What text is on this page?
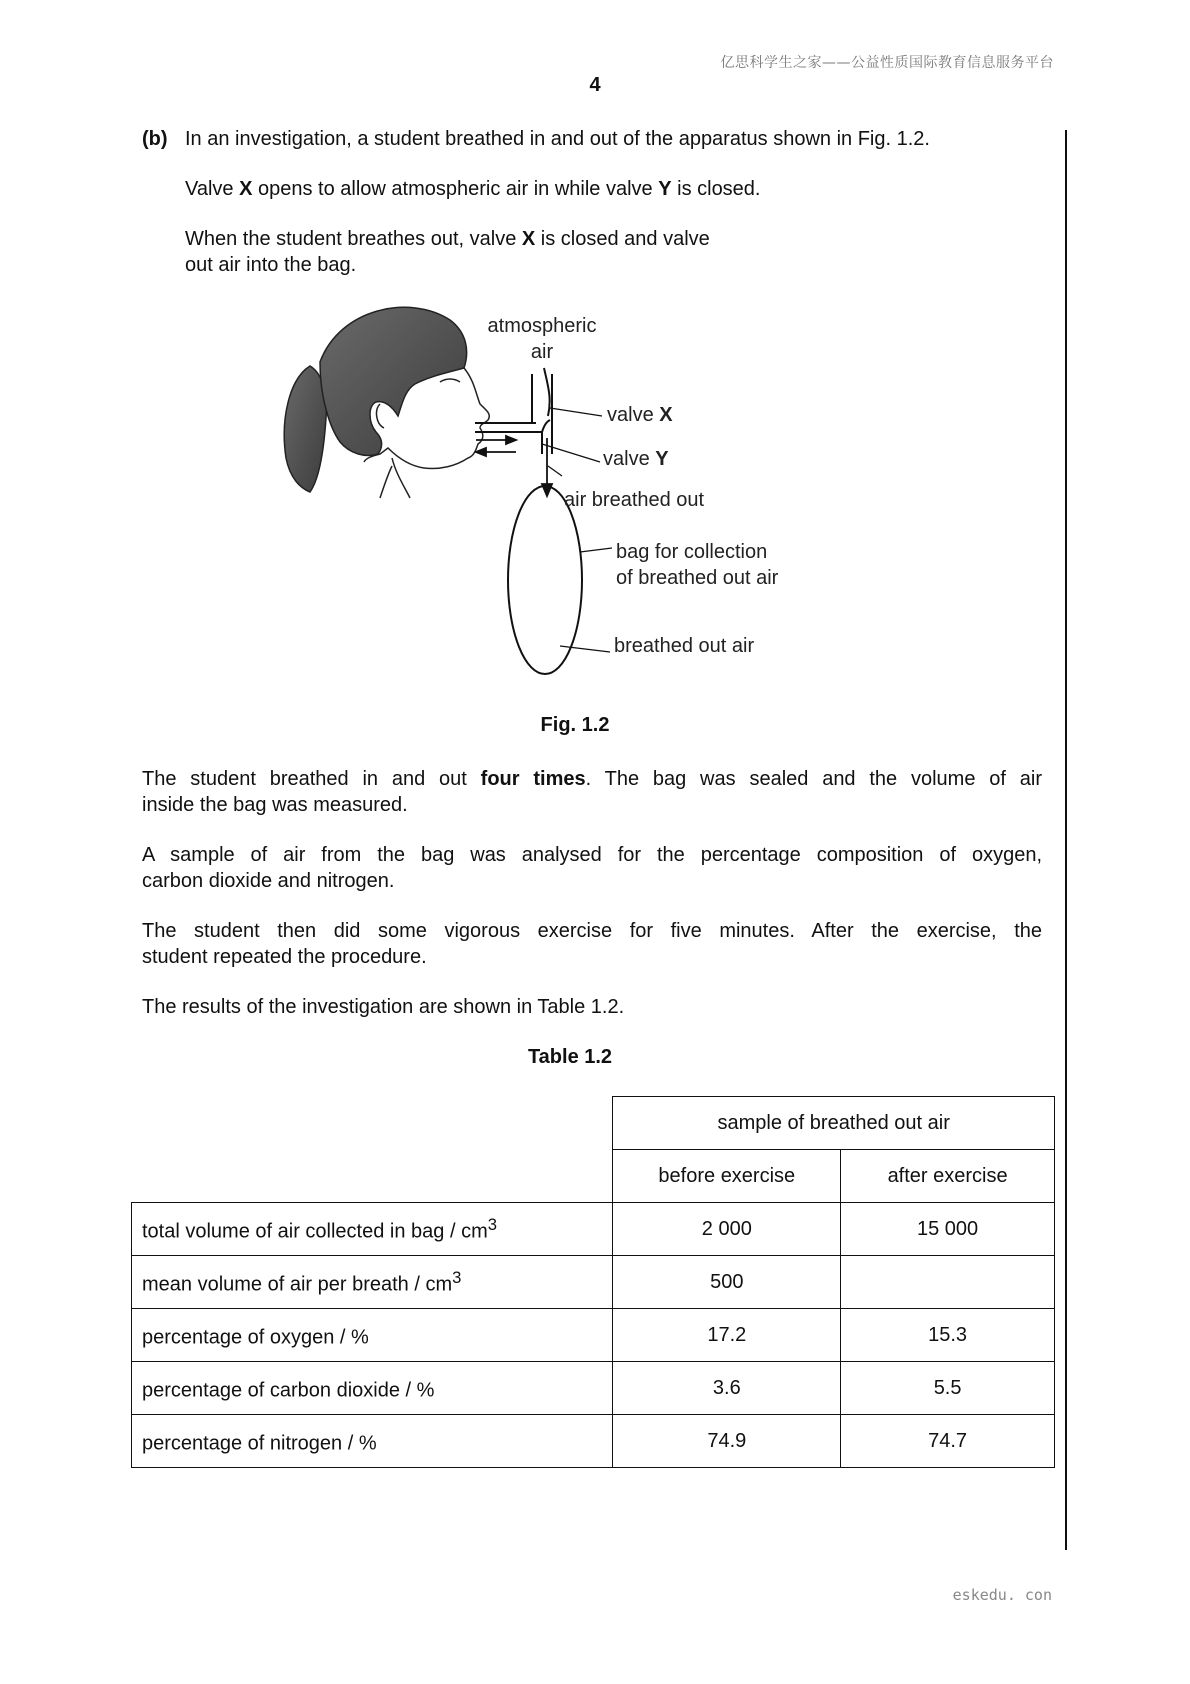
亿思科学生之家——公益性质国际教育信息服务平台
4
(b) In an investigation, a student breathed in and out of the apparatus shown in Fig. 1.2.
Valve X opens to allow atmospheric air in while valve Y is closed.
When the student breathes out, valve X is closed and valve
out air into the bag.
atmospheric
air
valve X
valve Y
air breathed out
bag for collection
of breathed out air
breathed out air
Fig. 1.2
The student breathed in and out four times. The bag was sealed and the volume of air
inside the bag was measured.
A sample of air from the bag was analysed for the percentage composition of oxygen,
carbon dioxide and nitrogen.
The student then did some vigorous exercise for five minutes. After the exercise, the
student repeated the procedure.
The results of the investigation are shown in Table 1.2.
Table 1.2
	sample of breathed out air	
	before exercise	after exercise
total volume of air collected in bag / $cm^3$	2 000	15 000
mean volume of air per breath / $cm^3$	500	
percentage of oxygen / %	17.2	15.3
percentage of carbon dioxide / %	3.6	5.5
percentage of nitrogen / %	74.9	74.7
eskedu. con
